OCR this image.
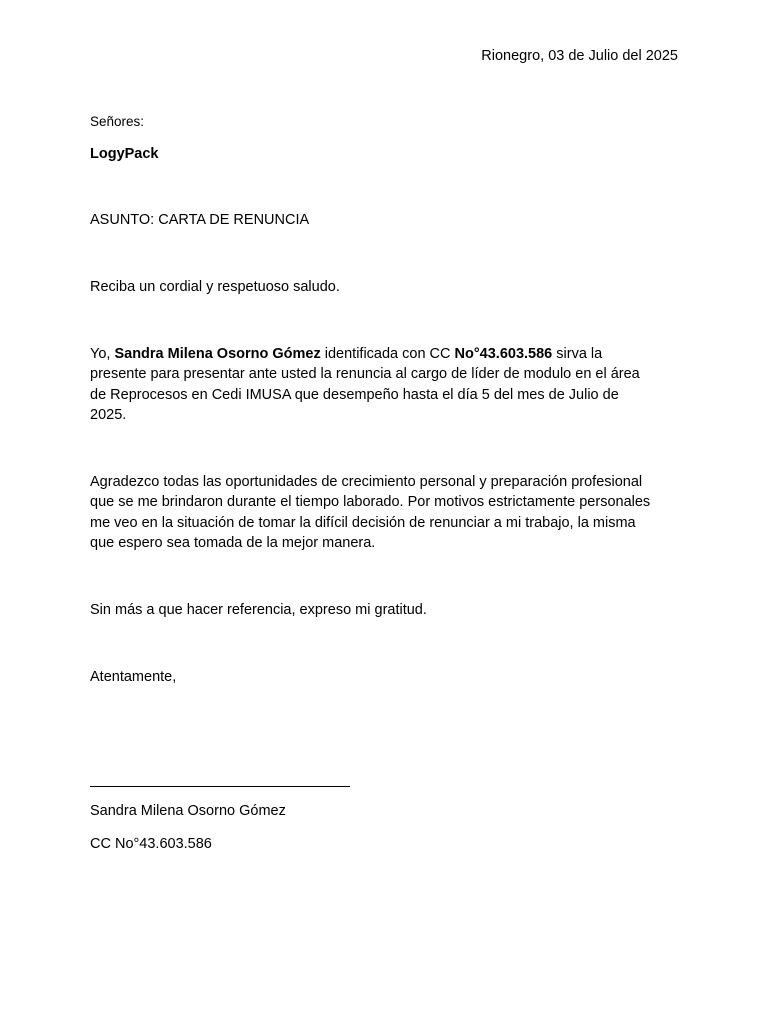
Rionegro, 03 de Julio del 2025
Señores:
LogyPack
ASUNTO: CARTA DE RENUNCIA
Reciba un cordial y respetuoso saludo.
Yo, Sandra Milena Osorno Gómez identificada con CC No°43.603.586 sirva la
presente para presentar ante usted la renuncia al cargo de líder de modulo en el área
de Reprocesos en Cedi IMUSA que desempeño hasta el día 5 del mes de Julio de
2025.
Agradezco todas las oportunidades de crecimiento personal y preparación profesional
que se me brindaron durante el tiempo laborado. Por motivos estrictamente personales
me veo en la situación de tomar la difícil decisión de renunciar a mi trabajo, la misma
que espero sea tomada de la mejor manera.
Sin más a que hacer referencia, expreso mi gratitud.
Atentamente,
Sandra Milena Osorno Gómez
CC No°43.603.586
